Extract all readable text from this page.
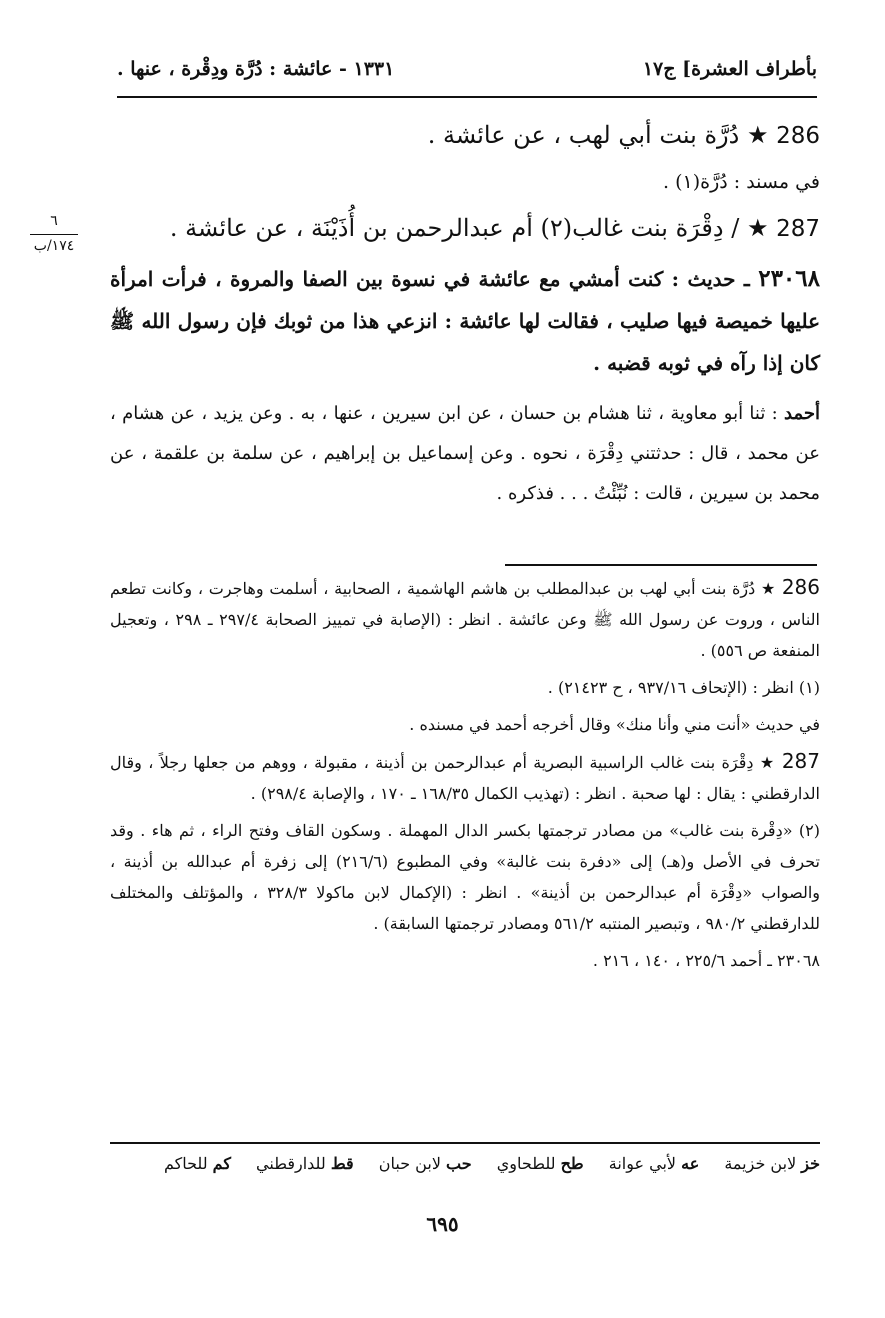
بأطراف العشرة] ج١٧
١٣٣١ - عائشة : دُرَّة ودِقْرة ، عنها .
٦
١٧٤/ب
286 ★ دُرَّة بنت أبي لهب ، عن عائشة .
في مسند : دُرَّة(١) .
287 ★ / دِقْرَة بنت غالب(٢) أم عبدالرحمن بن أُذَيْنَة ، عن عائشة .
٢٣٠٦٨ ـ حديث : كنت أمشي مع عائشة في نسوة بين الصفا والمروة ، فرأت امرأة عليها خميصة فيها صليب ، فقالت لها عائشة : انزعي هذا من ثوبك فإن رسول الله ﷺ كان إذا رآه في ثوبه قضبه .
أحمد : ثنا أبو معاوية ، ثنا هشام بن حسان ، عن ابن سيرين ، عنها ، به . وعن يزيد ، عن هشام ، عن محمد ، قال : حدثتني دِقْرَة ، نحوه . وعن إسماعيل بن إبراهيم ، عن سلمة بن علقمة ، عن محمد بن سيرين ، قالت : نُبِّئْتُ . . . فذكره .

286 ★ دُرَّة بنت أبي لهب بن عبدالمطلب بن هاشم الهاشمية ، الصحابية ، أسلمت وهاجرت ، وكانت تطعم الناس ، وروت عن رسول الله ﷺ وعن عائشة . انظر : (الإصابة في تمييز الصحابة ٢٩٧/٤ ـ ٢٩٨ ، وتعجيل المنفعة ص ٥٥٦) .

(١) انظر : (الإتحاف ٩٣٧/١٦ ، ح ٢١٤٢٣) .

في حديث «أنت مني وأنا منك» وقال أخرجه أحمد في مسنده .

287 ★ دِقْرَة بنت غالب الراسبية البصرية أم عبدالرحمن بن أذينة ، مقبولة ، ووهم من جعلها رجلاً ، وقال الدارقطني : يقال : لها صحبة . انظر : (تهذيب الكمال ١٦٨/٣٥ ـ ١٧٠ ، والإصابة ٢٩٨/٤) .

(٢) «دِقْرة بنت غالب» من مصادر ترجمتها بكسر الدال المهملة . وسكون القاف وفتح الراء ، ثم هاء . وقد تحرف في الأصل و(هـ) إلى «دفرة بنت غالبة» وفي المطبوع (٢١٦/٦) إلى زفرة أم عبدالله بن أذينة ، والصواب «دِقْرَة أم عبدالرحمن بن أذينة» . انظر : (الإكمال لابن ماكولا ٣٢٨/٣ ، والمؤتلف والمختلف للدارقطني ٩٨٠/٢ ، وتبصير المنتبه ٥٦١/٢ ومصادر ترجمتها السابقة) .

٢٣٠٦٨ ـ أحمد ٢٢٥/٦ ، ١٤٠ ، ٢١٦ .

خز لابن خزيمة عه لأبي عوانة طح للطحاوي حب لابن حبان قط للدارقطني كم للحاكم
٦٩٥
